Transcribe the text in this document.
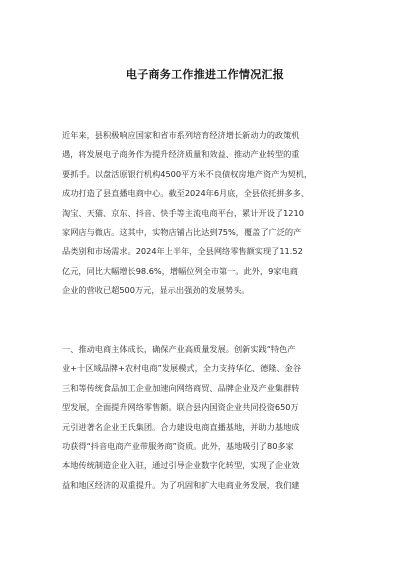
电子商务工作推进工作情况汇报

近年来，县积极响应国家和省市系列培育经济增长新动力的政策机
遇，将发展电子商务作为提升经济质量和效益、推动产业转型的重
要抓手。以盘活原银行机构4500平方米不良债权房地产资产为契机，
成功打造了县直播电商中心。截至2024年6月底，全县依托拼多多、
淘宝、天猫、京东、抖音、快手等主流电商平台，累计开设了1210
家网店与微店。这其中，实物店铺占比达到75%，覆盖了广泛的产
品类别和市场需求。2024年上半年，全县网络零售额实现了11.52
亿元，同比大幅增长98.6%，增幅位列全市第一。此外，9家电商
企业的营收已超500万元，显示出强劲的发展势头。

一、推动电商主体成长，确保产业高质量发展。创新实践“特色产
业+十区域品牌+农村电商”发展模式，全力支持华亿、德隆、金谷
三和等传统食品加工企业加速向网络商贸、品牌企业及产业集群转
型发展，全面提升网络零售额。联合县内国资企业共同投资650万
元引进著名企业王氏集团。合力建设电商直播基地，并助力基地成
功获得“抖音电商产业带服务商”资质。此外，基地吸引了80多家
本地传统制造企业入驻，通过引导企业数字化转型，实现了企业效
益和地区经济的双重提升。为了巩固和扩大电商业务发展，我们建
